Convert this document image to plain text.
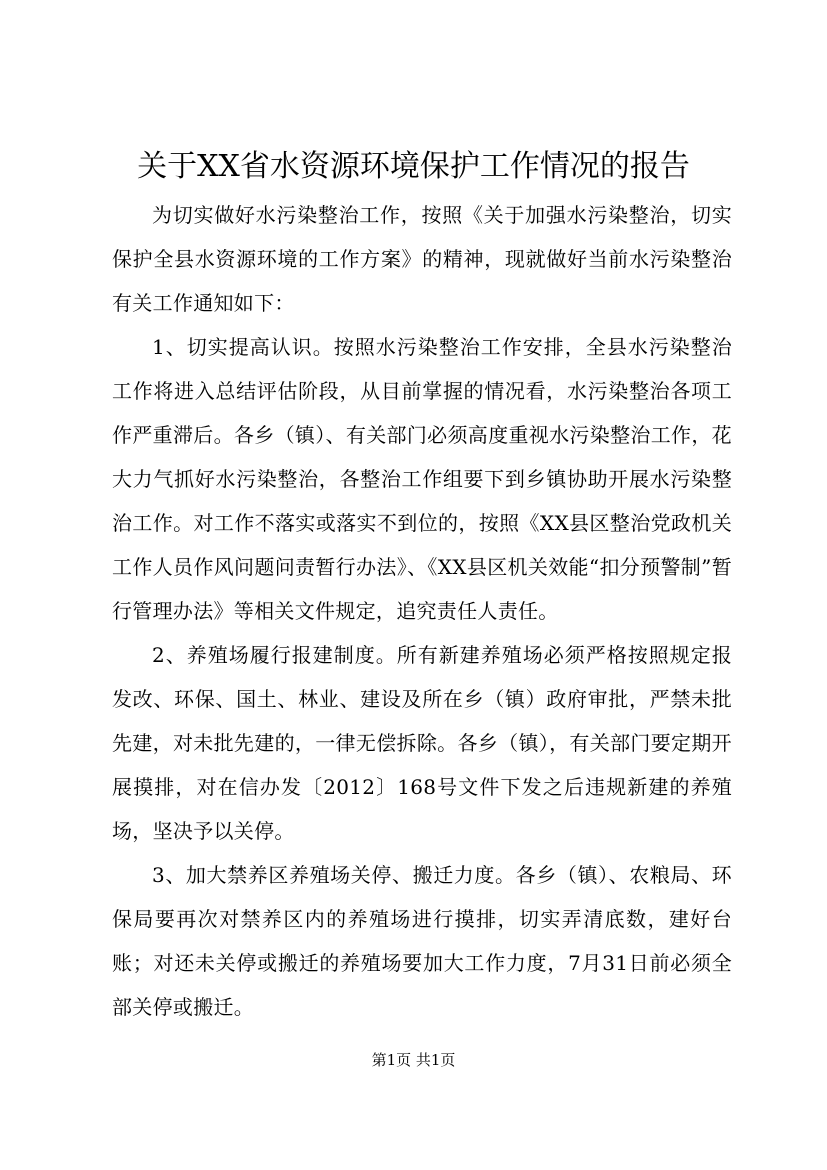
关于XX省水资源环境保护工作情况的报告

为切实做好水污染整治工作，按照《关于加强水污染整治，切实保护全县水资源环境的工作方案》的精神，现就做好当前水污染整治有关工作通知如下：

1、切实提高认识。按照水污染整治工作安排，全县水污染整治工作将进入总结评估阶段，从目前掌握的情况看，水污染整治各项工作严重滞后。各乡（镇）、有关部门必须高度重视水污染整治工作，花大力气抓好水污染整治，各整治工作组要下到乡镇协助开展水污染整治工作。对工作不落实或落实不到位的，按照《XX县区整治党政机关工作人员作风问题问责暂行办法》、《XX县区机关效能“扣分预警制”暂行管理办法》等相关文件规定，追究责任人责任。

2、养殖场履行报建制度。所有新建养殖场必须严格按照规定报发改、环保、国土、林业、建设及所在乡（镇）政府审批，严禁未批先建，对未批先建的，一律无偿拆除。各乡（镇），有关部门要定期开展摸排，对在信办发〔2012〕168号文件下发之后违规新建的养殖场，坚决予以关停。

3、加大禁养区养殖场关停、搬迁力度。各乡（镇）、农粮局、环保局要再次对禁养区内的养殖场进行摸排，切实弄清底数，建好台账；对还未关停或搬迁的养殖场要加大工作力度，7月31日前必须全部关停或搬迁。

第1页 共1页
